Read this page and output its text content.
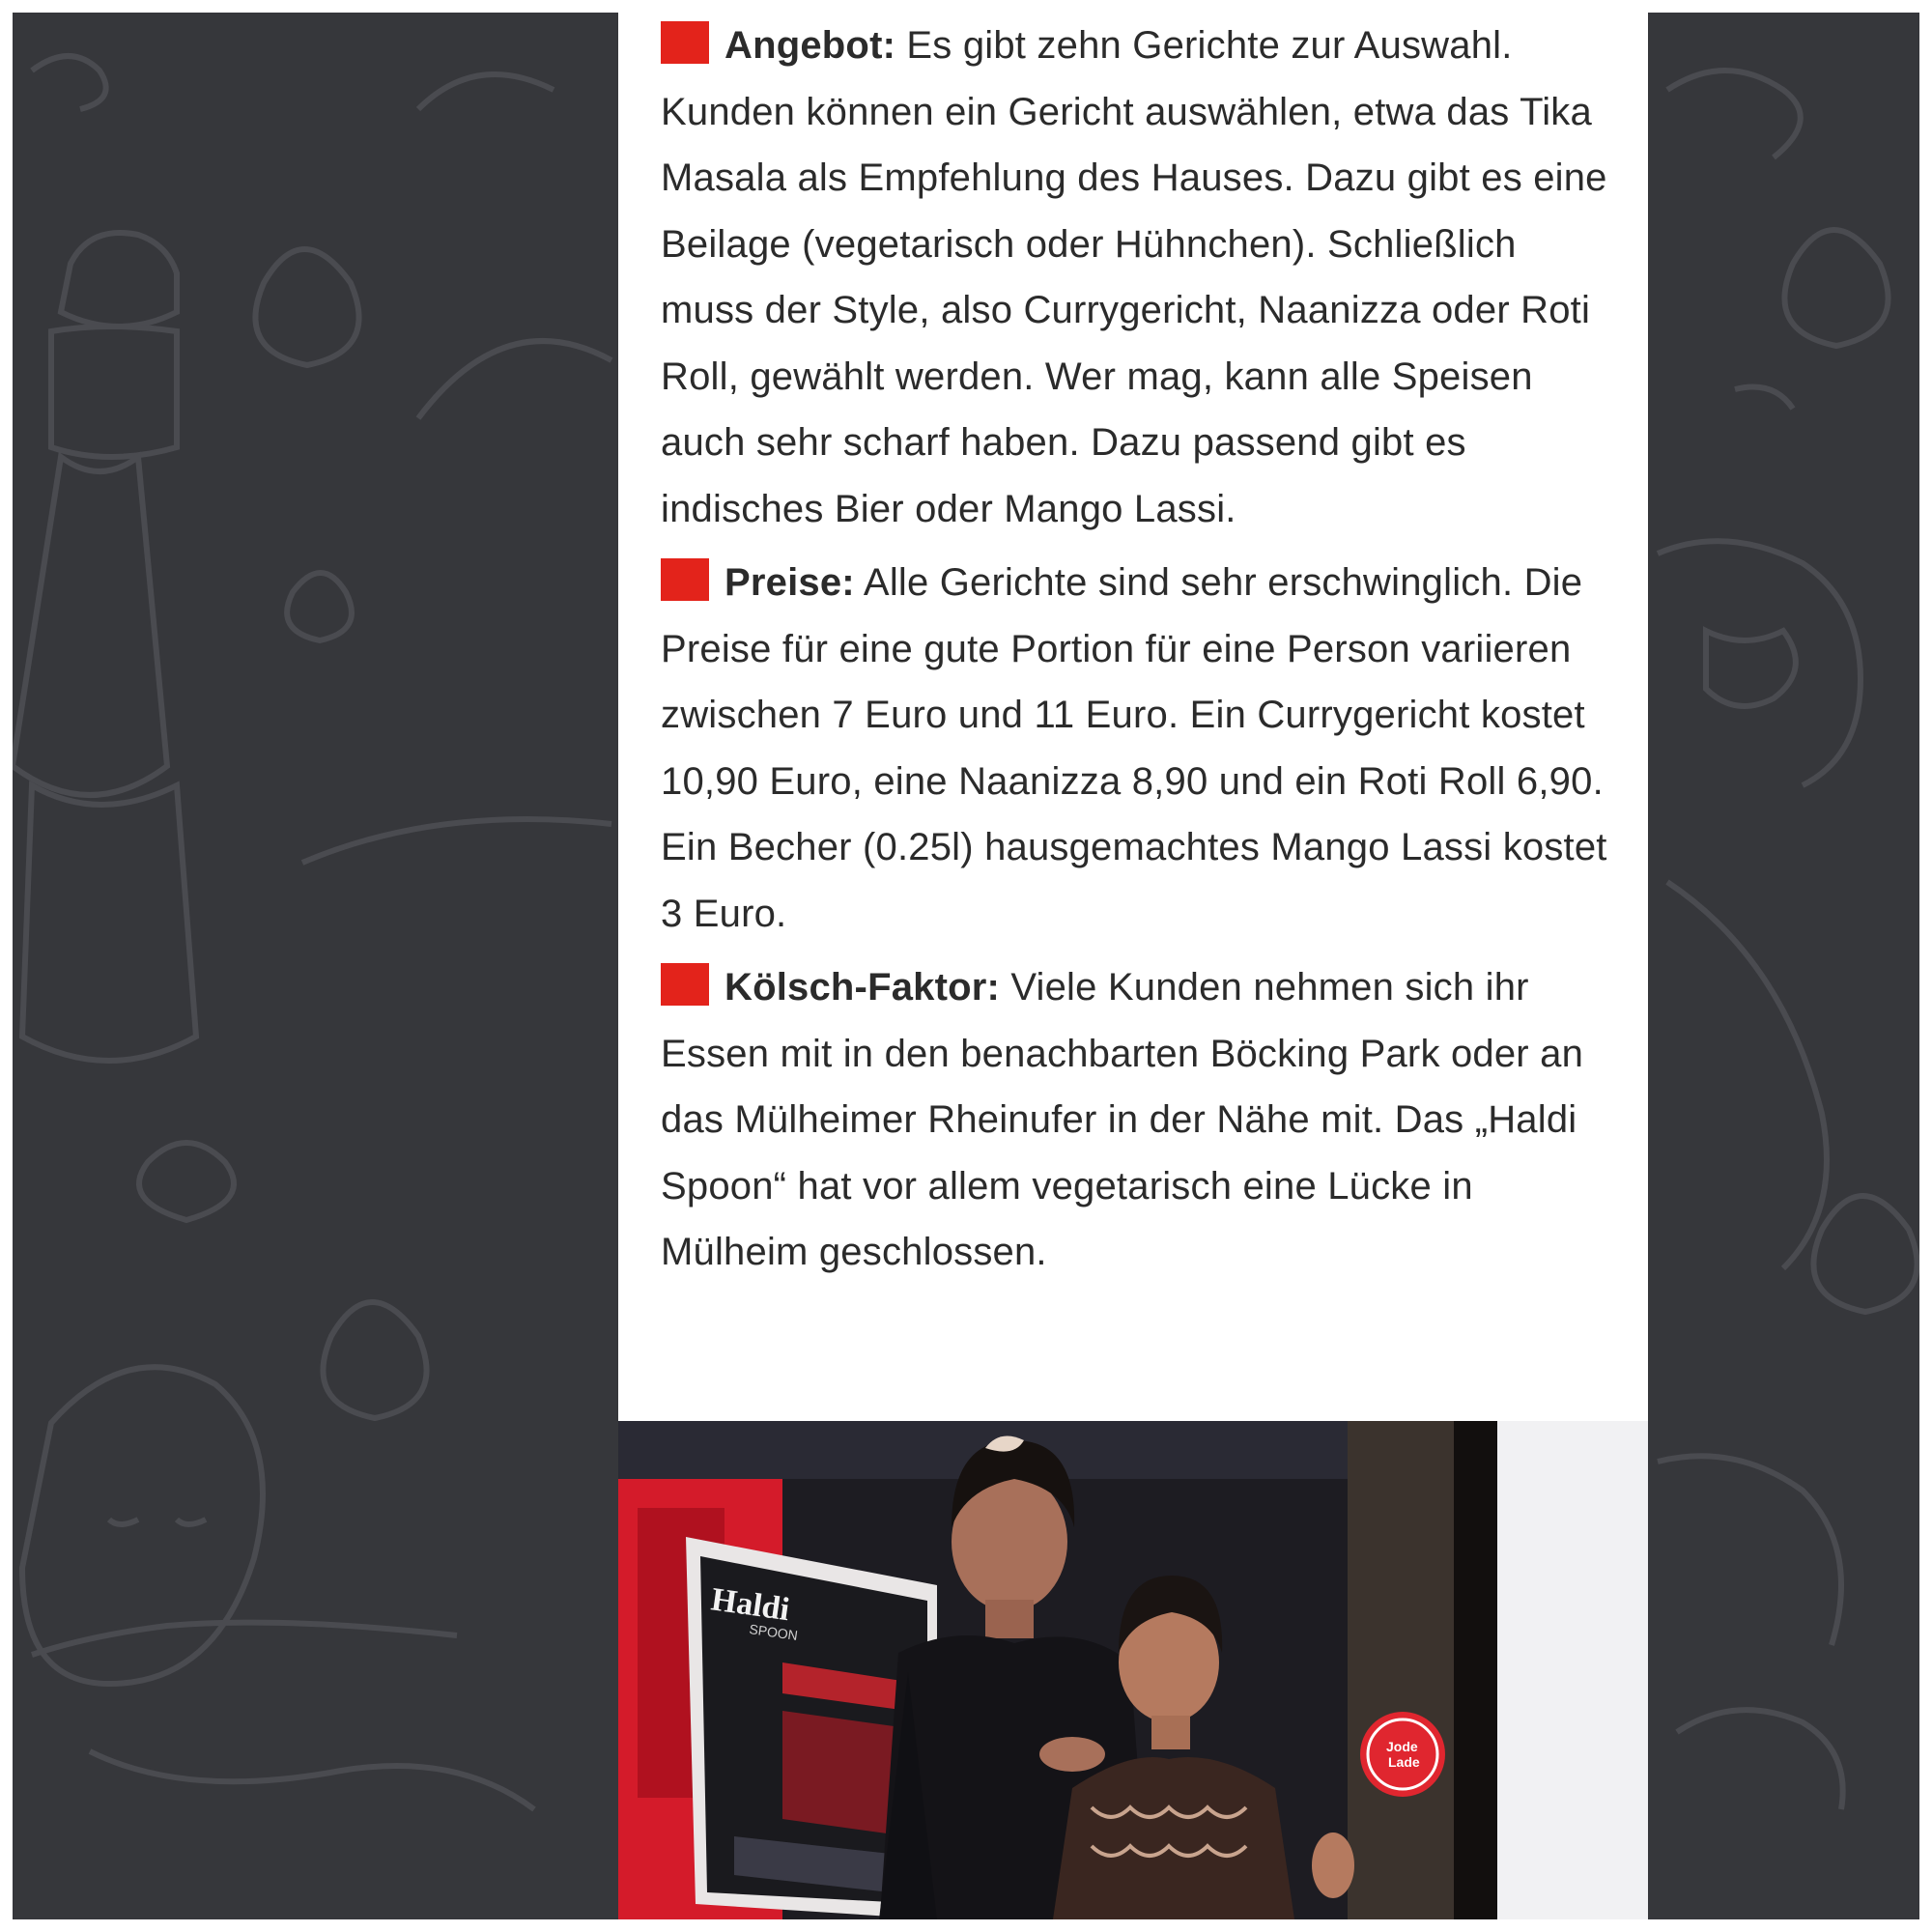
Angebot: Es gibt zehn Gerichte zur Auswahl. Kunden können ein Gericht auswählen, etwa das Tika Masala als Empfehlung des Hauses. Dazu gibt es eine Beilage (vegetarisch oder Hühnchen). Schließlich muss der Style, also Currygericht, Naanizza oder Roti Roll, gewählt werden. Wer mag, kann alle Speisen auch sehr scharf haben. Dazu passend gibt es indisches Bier oder Mango Lassi.

Preise: Alle Gerichte sind sehr erschwinglich. Die Preise für eine gute Portion für eine Person variieren zwischen 7 Euro und 11 Euro. Ein Currygericht kostet 10,90 Euro, eine Naanizza 8,90 und ein Roti Roll 6,90. Ein Becher (0.25l) hausgemachtes Mango Lassi kostet 3 Euro.

Kölsch-Faktor: Viele Kunden nehmen sich ihr Essen mit in den benachbarten Böcking Park oder an das Mülheimer Rheinufer in der Nähe mit. Das „Haldi Spoon“ hat vor allem vegetarisch eine Lücke in Mülheim geschlossen.

Haldi
SPOON
Jode
Lade
